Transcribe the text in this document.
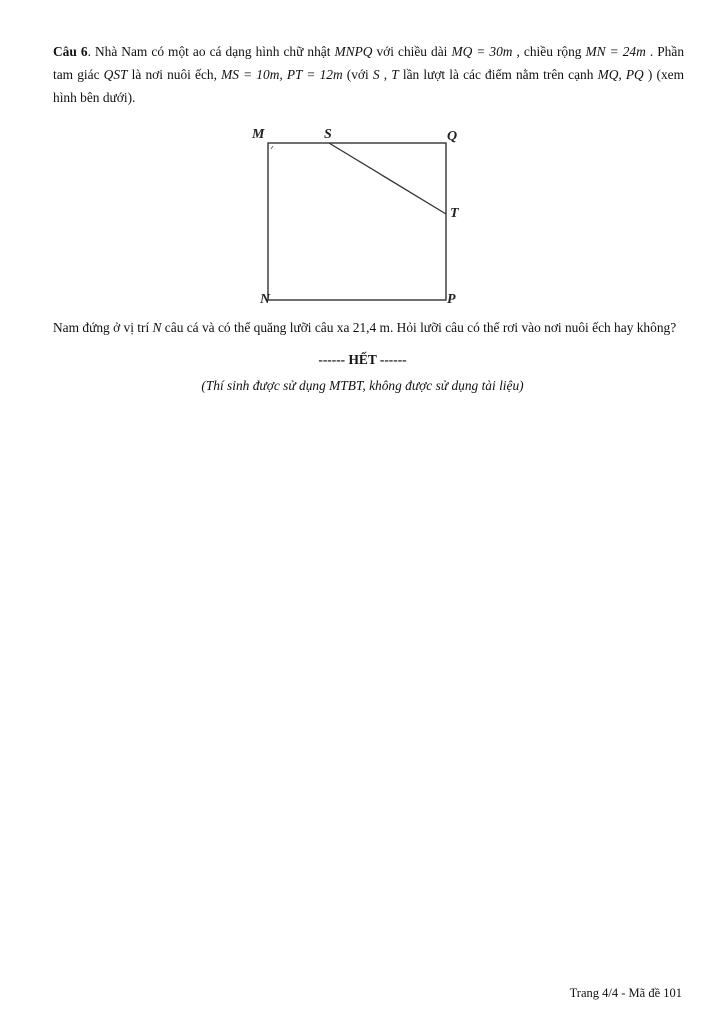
Câu 6. Nhà Nam có một ao cá dạng hình chữ nhật MNPQ với chiều dài MQ = 30m , chiều rộng MN = 24m . Phần tam giác QST là nơi nuôi ếch, MS = 10m, PT = 12m (với S , T lần lượt là các điểm nằm trên cạnh MQ, PQ ) (xem hình bên dưới).
M	S	Q
T
N	P
Nam đứng ở vị trí N câu cá và có thể quăng lưỡi câu xa 21,4 m. Hỏi lưỡi câu có thể rơi vào nơi nuôi ếch hay không?
------ HẾT ------
(Thí sinh được sử dụng MTBT, không được sử dụng tài liệu)
Trang 4/4 - Mã đề 101
